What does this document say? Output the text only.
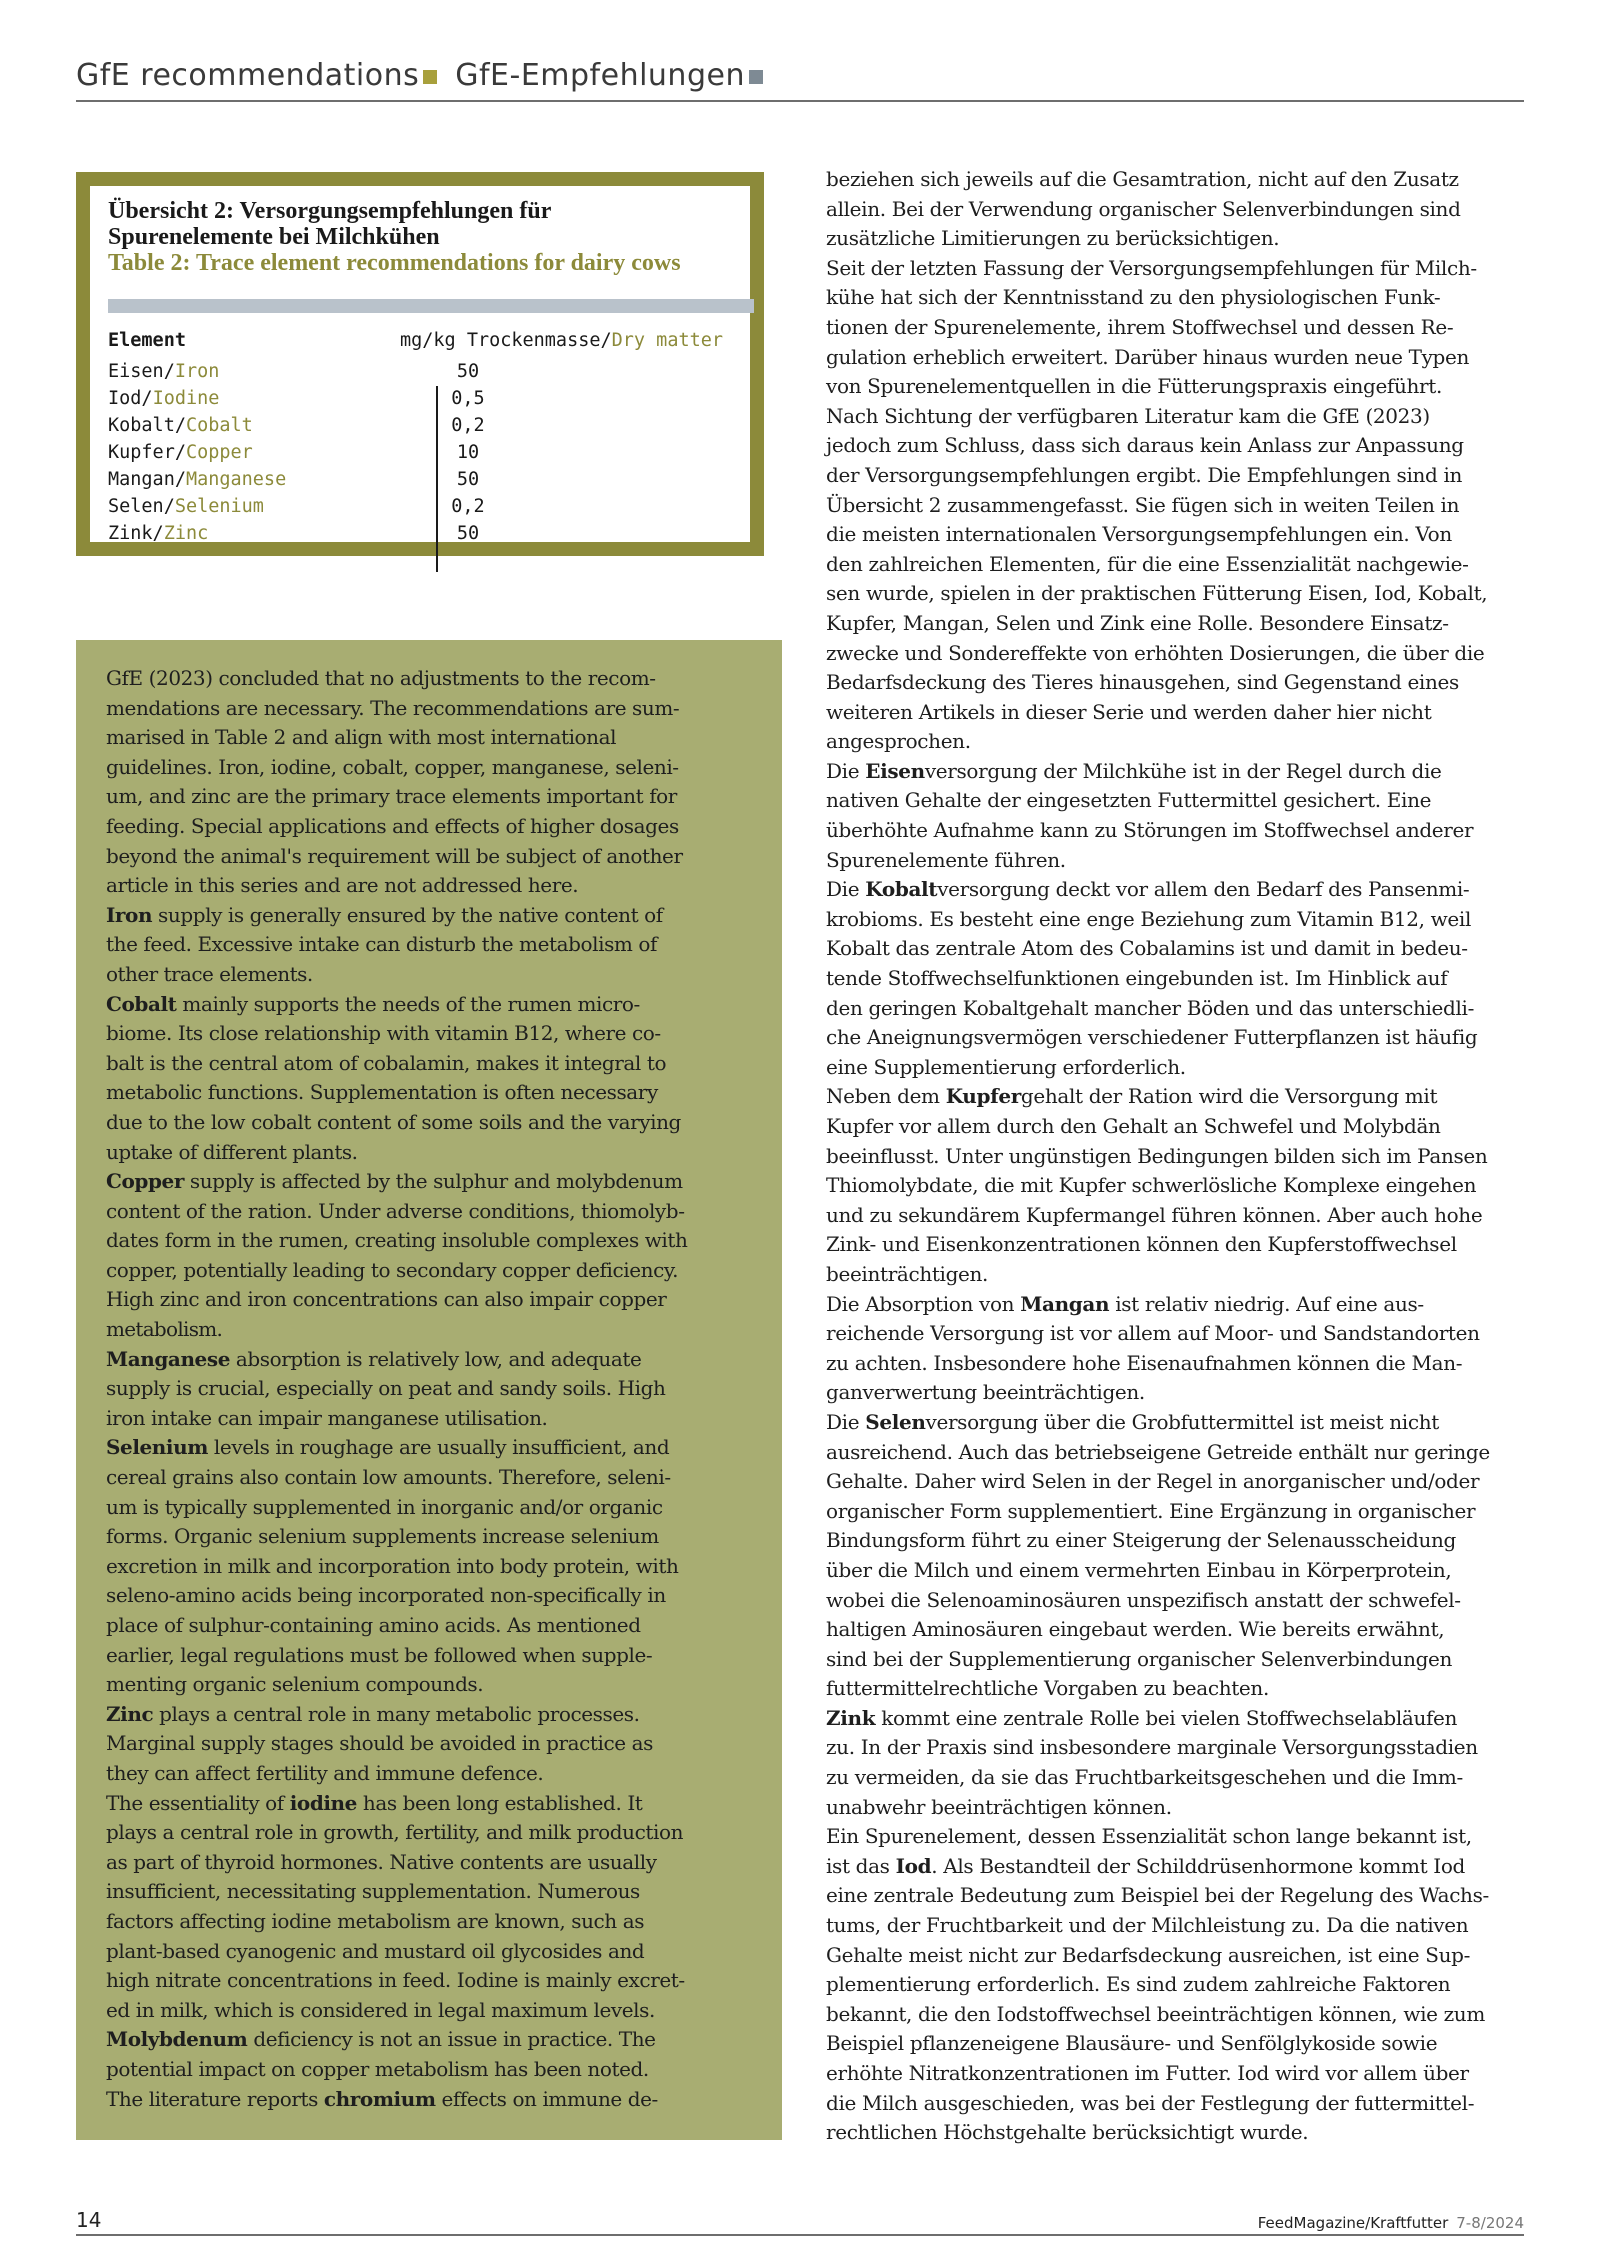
GfE recommendations GfE-Empfehlungen
Übersicht 2: Versorgungsempfehlungen für
Spurenelemente bei Milchkühen
Table 2: Trace element recommendations for dairy cows
Element	mg/kg Trockenmasse/Dry matter
Eisen/Iron	50
Iod/Iodine	0,5
Kobalt/Cobalt	0,2
Kupfer/Copper	10
Mangan/Manganese	50
Selen/Selenium	0,2
Zink/Zinc	50

GfE (2023) concluded that no adjustments to the recom-

mendations are necessary. The recommendations are sum-

marised in Table 2 and align with most international

guidelines. Iron, iodine, cobalt, copper, manganese, seleni-

um, and zinc are the primary trace elements important for

feeding. Special applications and effects of higher dosages

beyond the animal's requirement will be subject of another

article in this series and are not addressed here.

Iron supply is generally ensured by the native content of

the feed. Excessive intake can disturb the metabolism of

other trace elements.

Cobalt mainly supports the needs of the rumen micro-

biome. Its close relationship with vitamin B12, where co-

balt is the central atom of cobalamin, makes it integral to

metabolic functions. Supplementation is often necessary

due to the low cobalt content of some soils and the varying

uptake of different plants.

Copper supply is affected by the sulphur and molybdenum

content of the ration. Under adverse conditions, thiomolyb-

dates form in the rumen, creating insoluble complexes with

copper, potentially leading to secondary copper deficiency.

High zinc and iron concentrations can also impair copper

metabolism.

Manganese absorption is relatively low, and adequate

supply is crucial, especially on peat and sandy soils. High

iron intake can impair manganese utilisation.

Selenium levels in roughage are usually insufficient, and

cereal grains also contain low amounts. Therefore, seleni-

um is typically supplemented in inorganic and/or organic

forms. Organic selenium supplements increase selenium

excretion in milk and incorporation into body protein, with

seleno-amino acids being incorporated non-specifically in

place of sulphur-containing amino acids. As mentioned

earlier, legal regulations must be followed when supple-

menting organic selenium compounds.

Zinc plays a central role in many metabolic processes.

Marginal supply stages should be avoided in practice as

they can affect fertility and immune defence.

The essentiality of iodine has been long established. It

plays a central role in growth, fertility, and milk production

as part of thyroid hormones. Native contents are usually

insufficient, necessitating supplementation. Numerous

factors affecting iodine metabolism are known, such as

plant-based cyanogenic and mustard oil glycosides and

high nitrate concentrations in feed. Iodine is mainly excret-

ed in milk, which is considered in legal maximum levels.

Molybdenum deficiency is not an issue in practice. The

potential impact on copper metabolism has been noted.

The literature reports chromium effects on immune de-

beziehen sich jeweils auf die Gesamtration, nicht auf den Zusatz

allein. Bei der Verwendung organischer Selenverbindungen sind

zusätzliche Limitierungen zu berücksichtigen.

Seit der letzten Fassung der Versorgungsempfehlungen für Milch-

kühe hat sich der Kenntnisstand zu den physiologischen Funk-

tionen der Spurenelemente, ihrem Stoffwechsel und dessen Re-

gulation erheblich erweitert. Darüber hinaus wurden neue Typen

von Spurenelementquellen in die Fütterungspraxis eingeführt.

Nach Sichtung der verfügbaren Literatur kam die GfE (2023)

jedoch zum Schluss, dass sich daraus kein Anlass zur Anpassung

der Versorgungsempfehlungen ergibt. Die Empfehlungen sind in

Übersicht 2 zusammengefasst. Sie fügen sich in weiten Teilen in

die meisten internationalen Versorgungsempfehlungen ein. Von

den zahlreichen Elementen, für die eine Essenzialität nachgewie-

sen wurde, spielen in der praktischen Fütterung Eisen, Iod, Kobalt,

Kupfer, Mangan, Selen und Zink eine Rolle. Besondere Einsatz-

zwecke und Sondereffekte von erhöhten Dosierungen, die über die

Bedarfsdeckung des Tieres hinausgehen, sind Gegenstand eines

weiteren Artikels in dieser Serie und werden daher hier nicht

angesprochen.

Die Eisenversorgung der Milchkühe ist in der Regel durch die

nativen Gehalte der eingesetzten Futtermittel gesichert. Eine

überhöhte Aufnahme kann zu Störungen im Stoffwechsel anderer

Spurenelemente führen.

Die Kobaltversorgung deckt vor allem den Bedarf des Pansenmi-

krobioms. Es besteht eine enge Beziehung zum Vitamin B12, weil

Kobalt das zentrale Atom des Cobalamins ist und damit in bedeu-

tende Stoffwechselfunktionen eingebunden ist. Im Hinblick auf

den geringen Kobaltgehalt mancher Böden und das unterschiedli-

che Aneignungsvermögen verschiedener Futterpflanzen ist häufig

eine Supplementierung erforderlich.

Neben dem Kupfergehalt der Ration wird die Versorgung mit

Kupfer vor allem durch den Gehalt an Schwefel und Molybdän

beeinflusst. Unter ungünstigen Bedingungen bilden sich im Pansen

Thiomolybdate, die mit Kupfer schwerlösliche Komplexe eingehen

und zu sekundärem Kupfermangel führen können. Aber auch hohe

Zink- und Eisenkonzentrationen können den Kupferstoffwechsel

beeinträchtigen.

Die Absorption von Mangan ist relativ niedrig. Auf eine aus-

reichende Versorgung ist vor allem auf Moor- und Sandstandorten

zu achten. Insbesondere hohe Eisenaufnahmen können die Man-

ganverwertung beeinträchtigen.

Die Selenversorgung über die Grobfuttermittel ist meist nicht

ausreichend. Auch das betriebseigene Getreide enthält nur geringe

Gehalte. Daher wird Selen in der Regel in anorganischer und/oder

organischer Form supplementiert. Eine Ergänzung in organischer

Bindungsform führt zu einer Steigerung der Selenausscheidung

über die Milch und einem vermehrten Einbau in Körperprotein,

wobei die Selenoaminosäuren unspezifisch anstatt der schwefel-

haltigen Aminosäuren eingebaut werden. Wie bereits erwähnt,

sind bei der Supplementierung organischer Selenverbindungen

futtermittelrechtliche Vorgaben zu beachten.

Zink kommt eine zentrale Rolle bei vielen Stoffwechselabläufen

zu. In der Praxis sind insbesondere marginale Versorgungsstadien

zu vermeiden, da sie das Fruchtbarkeitsgeschehen und die Imm-

unabwehr beeinträchtigen können.

Ein Spurenelement, dessen Essenzialität schon lange bekannt ist,

ist das Iod. Als Bestandteil der Schilddrüsenhormone kommt Iod

eine zentrale Bedeutung zum Beispiel bei der Regelung des Wachs-

tums, der Fruchtbarkeit und der Milchleistung zu. Da die nativen

Gehalte meist nicht zur Bedarfsdeckung ausreichen, ist eine Sup-

plementierung erforderlich. Es sind zudem zahlreiche Faktoren

bekannt, die den Iodstoffwechsel beeinträchtigen können, wie zum

Beispiel pflanzeneigene Blausäure- und Senfölglykoside sowie

erhöhte Nitratkonzentrationen im Futter. Iod wird vor allem über

die Milch ausgeschieden, was bei der Festlegung der futtermittel-

rechtlichen Höchstgehalte berücksichtigt wurde.

14	FeedMagazine/Kraftfutter 7-8/2024
